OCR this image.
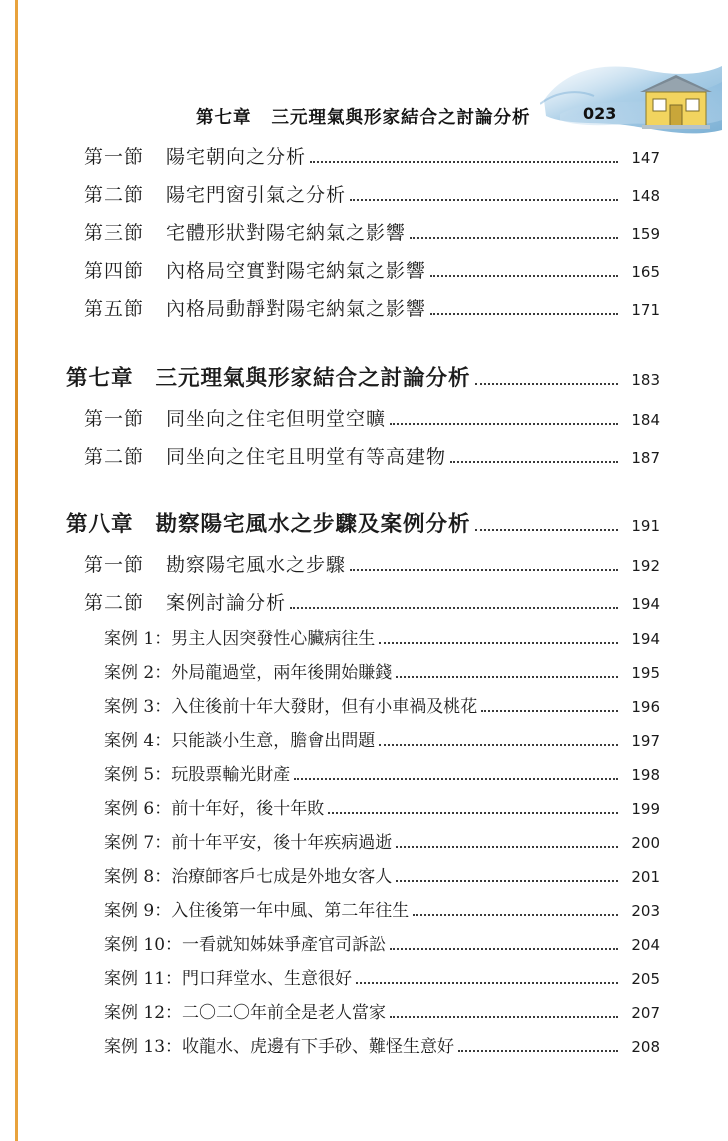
第七章 三元理氣與形家結合之討論分析	023
第一節 陽宅朝向之分析	147
第二節 陽宅門窗引氣之分析	148
第三節 宅體形狀對陽宅納氣之影響	159
第四節 內格局空實對陽宅納氣之影響	165
第五節 內格局動靜對陽宅納氣之影響	171
第七章 三元理氣與形家結合之討論分析	183
第一節 同坐向之住宅但明堂空曠	184
第二節 同坐向之住宅且明堂有等高建物	187
第八章 勘察陽宅風水之步驟及案例分析	191
第一節 勘察陽宅風水之步驟	192
第二節 案例討論分析	194
案例 1：男主人因突發性心臟病往生	194
案例 2：外局龍過堂，兩年後開始賺錢	195
案例 3：入住後前十年大發財，但有小車禍及桃花	196
案例 4：只能談小生意，膽會出問題	197
案例 5：玩股票輸光財產	198
案例 6：前十年好，後十年敗	199
案例 7：前十年平安，後十年疾病過逝	200
案例 8：治療師客戶七成是外地女客人	201
案例 9：入住後第一年中風、第二年往生	203
案例 10：一看就知姊妹爭產官司訴訟	204
案例 11：門口拜堂水、生意很好	205
案例 12：二〇二〇年前全是老人當家	207
案例 13：收龍水、虎邊有下手砂、難怪生意好	208
